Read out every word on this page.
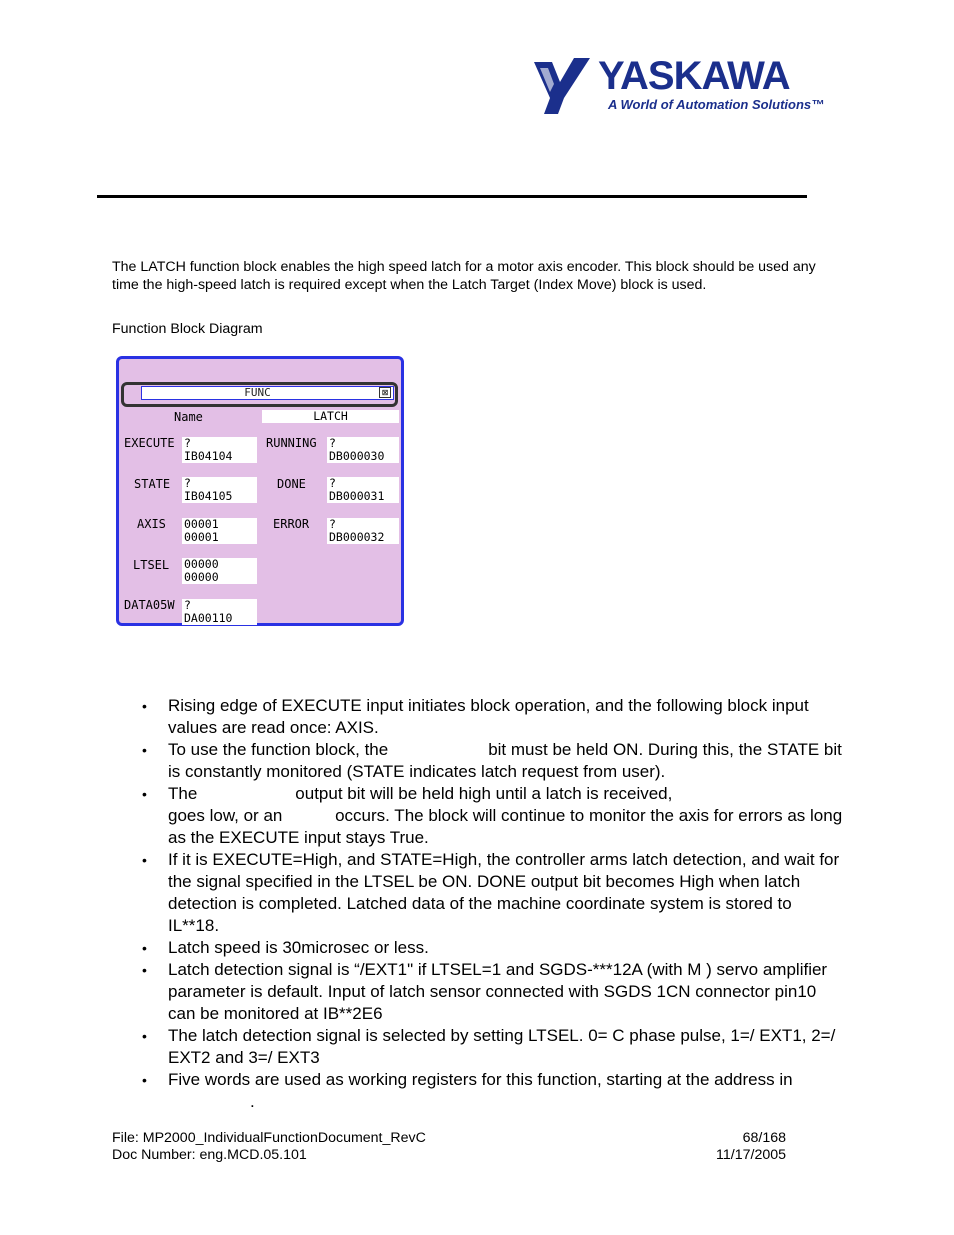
YASKAWA
A World of Automation Solutions™
The LATCH function block enables the high speed latch for a motor axis encoder. This block should be used any time the high-speed latch is required except when the Latch Target (Index Move) block is used.
Function Block Diagram
FUNC	⊠
Name	LATCH
EXECUTE ?
IB04104
STATE ?
IB04105
AXIS 00001
00001
LTSEL 00000
00000
DATA05W ?
DA00110
RUNNING ?
DB000030
DONE ?
DB000031
ERROR ?
DB000032
• Rising edge of EXECUTE input initiates block operation, and the following block input values are read once: AXIS.
• To use the function block, the	bit must be held ON. During this, the STATE bit is constantly monitored (STATE indicates latch request from user).
• The	output bit will be held high until a latch is received,
goes low, or an	occurs. The block will continue to monitor the axis for errors as long as the EXECUTE input stays True.
• If it is EXECUTE=High, and STATE=High, the controller arms latch detection, and wait for the signal specified in the LTSEL be ON. DONE output bit becomes High when latch detection is completed. Latched data of the machine coordinate system is stored to IL**18.
• Latch speed is 30microsec or less.
• Latch detection signal is “/EXT1" if LTSEL=1 and SGDS-***12A (with M ) servo amplifier parameter is default. Input of latch sensor connected with SGDS 1CN connector pin10 can be monitored at IB**2E6
• The latch detection signal is selected by setting LTSEL. 0= C phase pulse, 1=/ EXT1, 2=/ EXT2 and 3=/ EXT3
• Five words are used as working registers for this function, starting at the address in.
File: MP2000_IndividualFunctionDocument_RevC	68/168
Doc Number: eng.MCD.05.101	11/17/2005
